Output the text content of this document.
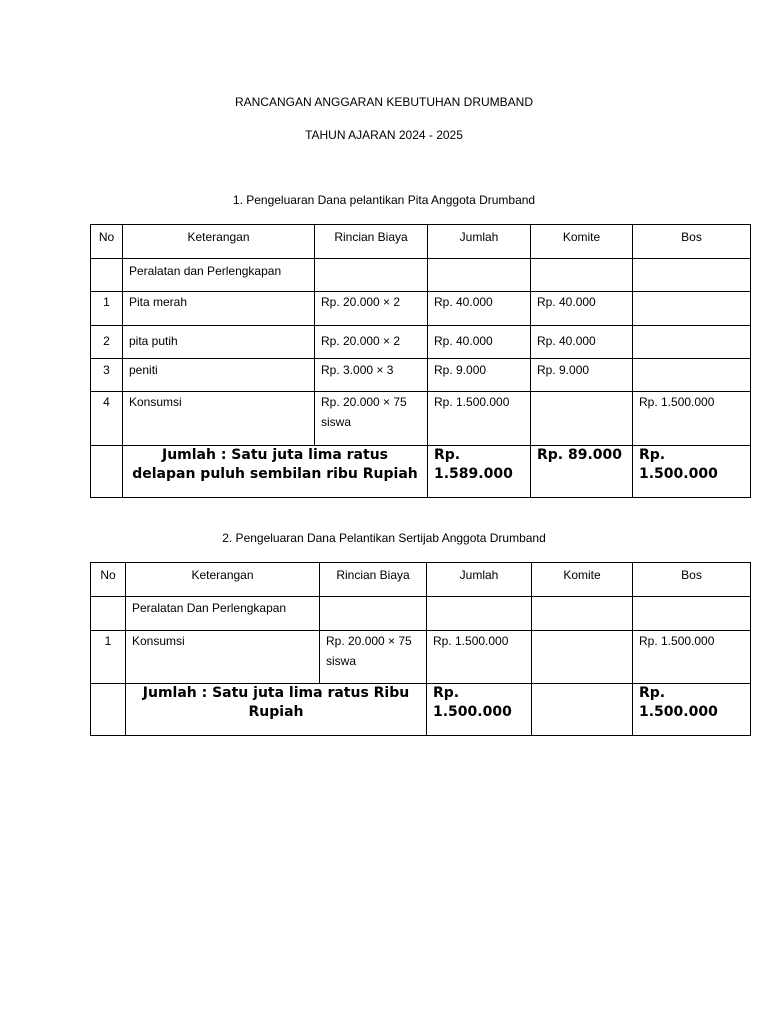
RANCANGAN ANGGARAN KEBUTUHAN DRUMBAND
TAHUN AJARAN 2024 - 2025
1. Pengeluaran Dana pelantikan Pita Anggota Drumband
No	Keterangan	Rincian Biaya	Jumlah	Komite	Bos
	Peralatan dan Perlengkapan				
1	Pita merah	Rp. 20.000 × 2	Rp. 40.000	Rp. 40.000	
2	pita putih	Rp. 20.000 × 2	Rp. 40.000	Rp. 40.000	
3	peniti	Rp. 3.000 × 3	Rp. 9.000	Rp. 9.000	
4	Konsumsi	Rp. 20.000 × 75 siswa	Rp. 1.500.000		Rp. 1.500.000
	Jumlah : Satu juta lima ratus delapan puluh sembilan ribu Rupiah		Rp. 1.589.000	Rp. 89.000	Rp. 1.500.000
2. Pengeluaran Dana Pelantikan Sertijab Anggota Drumband
No	Keterangan	Rincian Biaya	Jumlah	Komite	Bos
	Peralatan Dan Perlengkapan				
1	Konsumsi	Rp. 20.000 × 75 siswa	Rp. 1.500.000		Rp. 1.500.000
	Jumlah : Satu juta lima ratus Ribu Rupiah		Rp. 1.500.000		Rp. 1.500.000
